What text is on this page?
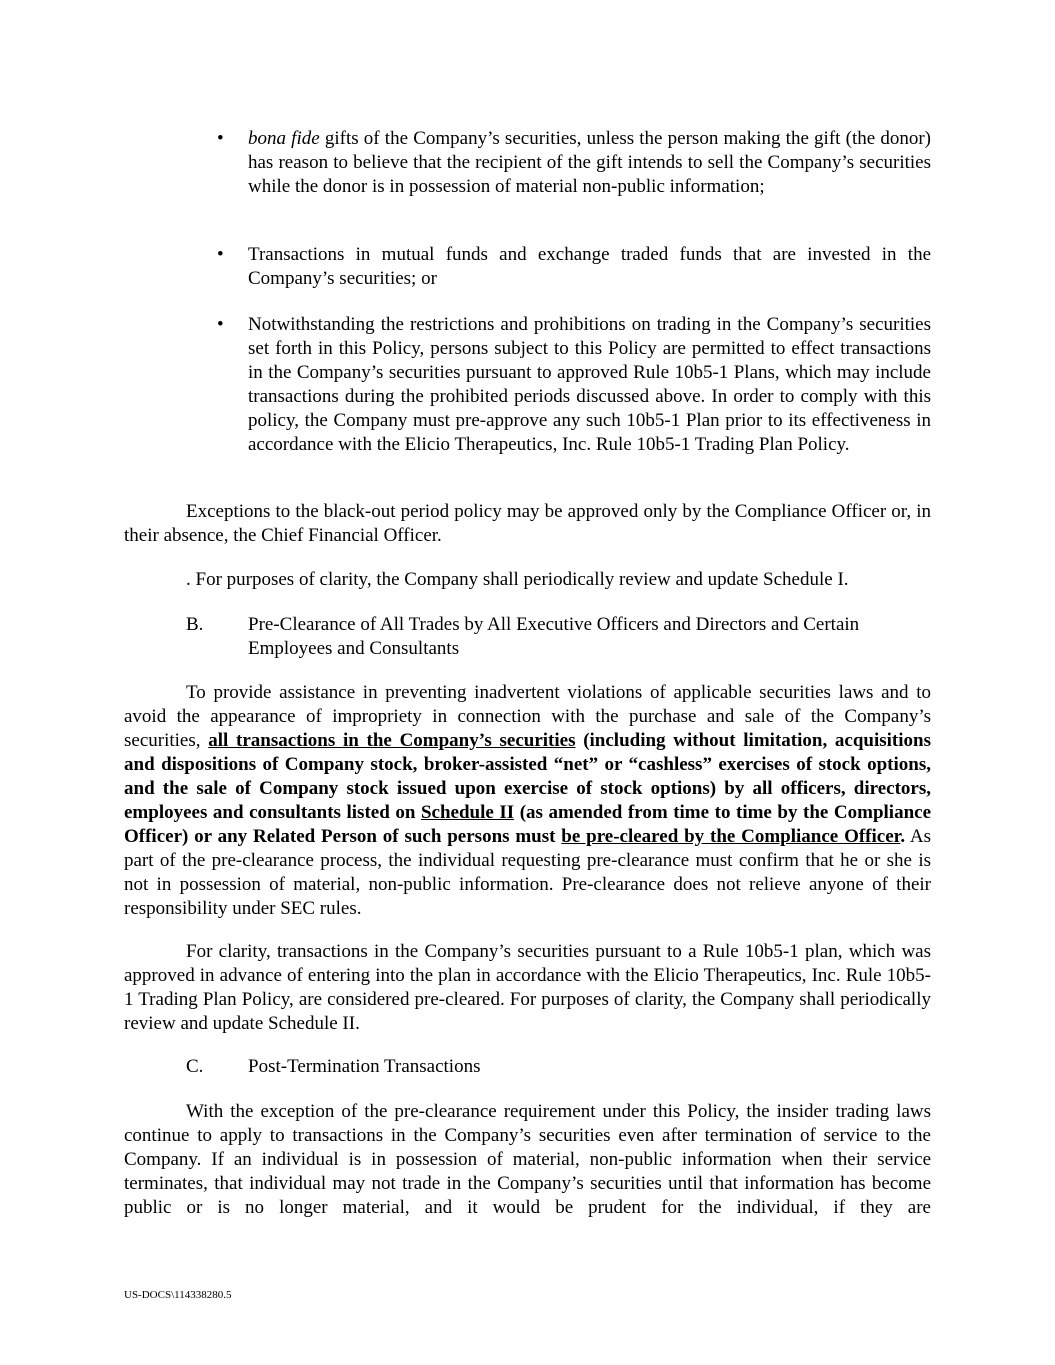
•	bona fide gifts of the Company’s securities, unless the person making the gift (the donor) has reason to believe that the recipient of the gift intends to sell the Company’s securities while the donor is in possession of material non-public information;
•	Transactions in mutual funds and exchange traded funds that are invested in the Company’s securities; or
•	Notwithstanding the restrictions and prohibitions on trading in the Company’s securities set forth in this Policy, persons subject to this Policy are permitted to effect transactions in the Company’s securities pursuant to approved Rule 10b5-1 Plans, which may include transactions during the prohibited periods discussed above. In order to comply with this policy, the Company must pre-approve any such 10b5-1 Plan prior to its effectiveness in accordance with the Elicio Therapeutics, Inc. Rule 10b5-1 Trading Plan Policy.

Exceptions to the black-out period policy may be approved only by the Compliance Officer or, in their absence, the Chief Financial Officer.

. For purposes of clarity, the Company shall periodically review and update Schedule I.

B. Pre-Clearance of All Trades by All Executive Officers and Directors and Certain Employees and Consultants

To provide assistance in preventing inadvertent violations of applicable securities laws and to avoid the appearance of impropriety in connection with the purchase and sale of the Company’s securities, all transactions in the Company’s securities (including without limitation, acquisitions and dispositions of Company stock, broker-assisted “net” or “cashless” exercises of stock options, and the sale of Company stock issued upon exercise of stock options) by all officers, directors, employees and consultants listed on Schedule II (as amended from time to time by the Compliance Officer) or any Related Person of such persons must be pre-cleared by the Compliance Officer. As part of the pre-clearance process, the individual requesting pre-clearance must confirm that he or she is not in possession of material, non-public information. Pre-clearance does not relieve anyone of their responsibility under SEC rules.

For clarity, transactions in the Company’s securities pursuant to a Rule 10b5-1 plan, which was approved in advance of entering into the plan in accordance with the Elicio Therapeutics, Inc. Rule 10b5-1 Trading Plan Policy, are considered pre-cleared. For purposes of clarity, the Company shall periodically review and update Schedule II.

C. Post-Termination Transactions

With the exception of the pre-clearance requirement under this Policy, the insider trading laws continue to apply to transactions in the Company’s securities even after termination of service to the Company. If an individual is in possession of material, non-public information when their service terminates, that individual may not trade in the Company’s securities until that information has become public or is no longer material, and it would be prudent for the individual, if they are

US-DOCS\114338280.5
